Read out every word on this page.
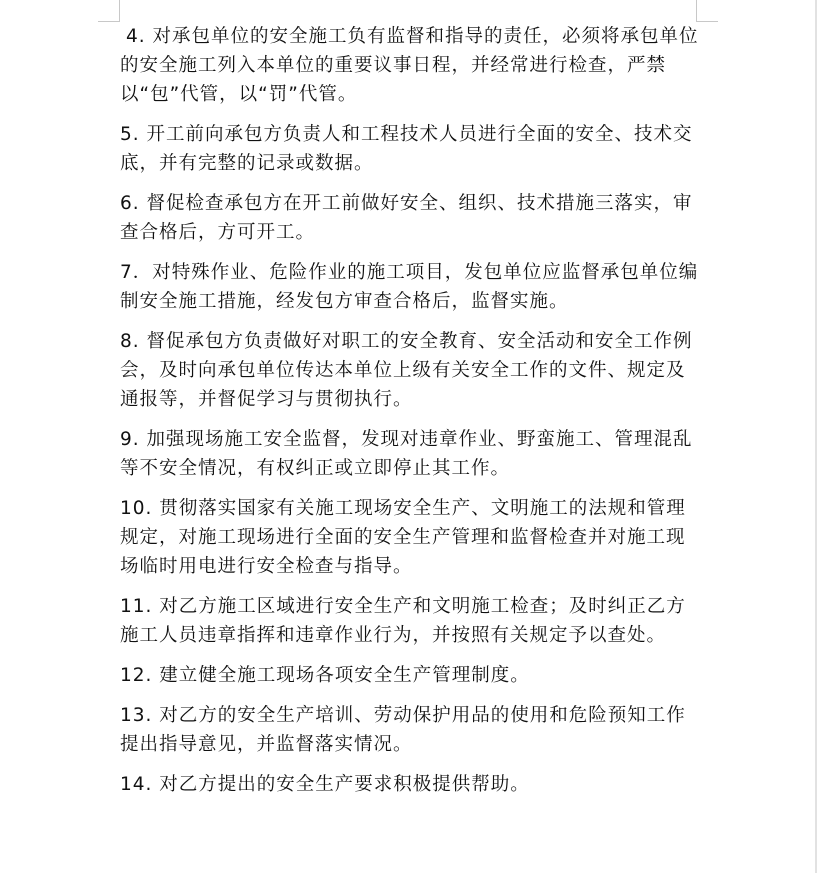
4. 对承包单位的安全施工负有监督和指导的责任，必须将承包单位的安全施工列入本单位的重要议事日程，并经常进行检查，严禁以“包”代管，以“罚”代管。

5. 开工前向承包方负责人和工程技术人员进行全面的安全、技术交底，并有完整的记录或数据。

6. 督促检查承包方在开工前做好安全、组织、技术措施三落实，审查合格后，方可开工。

7．对特殊作业、危险作业的施工项目，发包单位应监督承包单位编制安全施工措施，经发包方审查合格后，监督实施。

8. 督促承包方负责做好对职工的安全教育、安全活动和安全工作例会，及时向承包单位传达本单位上级有关安全工作的文件、规定及通报等，并督促学习与贯彻执行。

9. 加强现场施工安全监督，发现对违章作业、野蛮施工、管理混乱等不安全情况，有权纠正或立即停止其工作。

10. 贯彻落实国家有关施工现场安全生产、文明施工的法规和管理规定，对施工现场进行全面的安全生产管理和监督检查并对施工现场临时用电进行安全检查与指导。

11. 对乙方施工区域进行安全生产和文明施工检查；及时纠正乙方施工人员违章指挥和违章作业行为，并按照有关规定予以查处。

12. 建立健全施工现场各项安全生产管理制度。

13. 对乙方的安全生产培训、劳动保护用品的使用和危险预知工作提出指导意见，并监督落实情况。

14. 对乙方提出的安全生产要求积极提供帮助。
